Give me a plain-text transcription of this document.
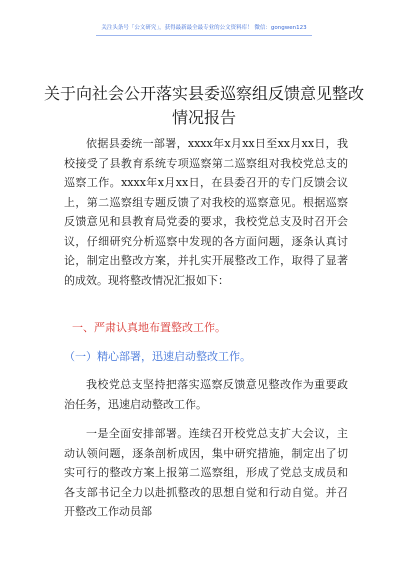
关注头条号「公文研究」，获得最新最全最专业的公文资料库！ 微信：gongwen123
关于向社会公开落实县委巡察组反馈意见整改情况报告

依据县委统一部署，xxxx年x月xx日至xx月xx日，我校接受了县教育系统专项巡察第二巡察组对我校党总支的巡察工作。xxxx年x月xx日，在县委召开的专门反馈会议上，第二巡察组专题反馈了对我校的巡察意见。根据巡察反馈意见和县教育局党委的要求，我校党总支及时召开会议，仔细研究分析巡察中发现的各方面问题，逐条认真讨论，制定出整改方案，并扎实开展整改工作，取得了显著的成效。现将整改情况汇报如下：

一、严肃认真地布置整改工作。

（一）精心部署，迅速启动整改工作。

我校党总支坚持把落实巡察反馈意见整改作为重要政治任务，迅速启动整改工作。

一是全面安排部署。连续召开校党总支扩大会议，主动认领问题，逐条剖析成因，集中研究措施，制定出了切实可行的整改方案上报第二巡察组，形成了党总支成员和各支部书记全力以赴抓整改的思想自觉和行动自觉。并召开整改工作动员部
